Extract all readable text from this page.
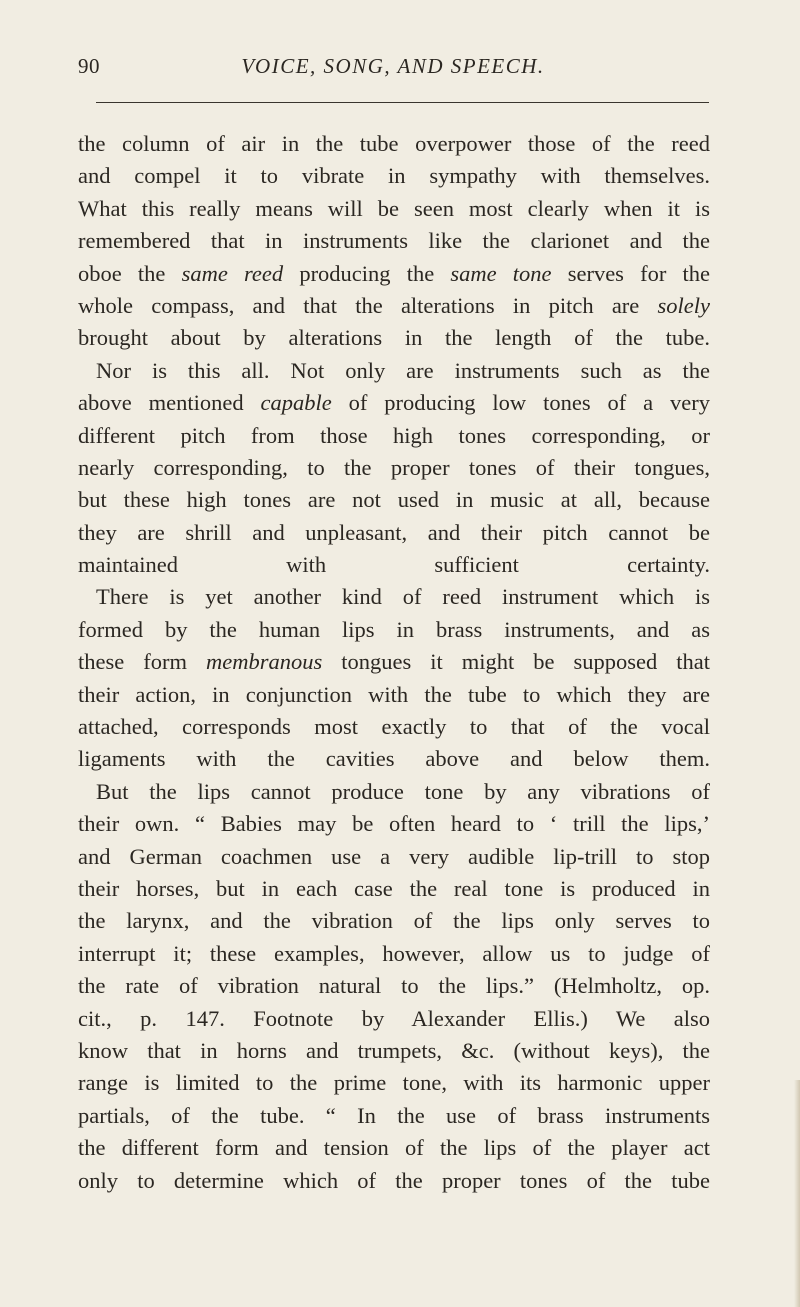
90	VOICE, SONG, AND SPEECH.
the column of air in the tube overpower those of the reed
and compel it to vibrate in sympathy with themselves.
What this really means will be seen most clearly when it is
remembered that in instruments like the clarionet and the
oboe the same reed producing the same tone serves for the
whole compass, and that the alterations in pitch are solely
brought about by alterations in the length of the tube.
Nor is this all. Not only are instruments such as the
above mentioned capable of producing low tones of a very
different pitch from those high tones corresponding, or
nearly corresponding, to the proper tones of their tongues,
but these high tones are not used in music at all, because
they are shrill and unpleasant, and their pitch cannot be
maintained with sufficient certainty.
There is yet another kind of reed instrument which is
formed by the human lips in brass instruments, and as
these form membranous tongues it might be supposed that
their action, in conjunction with the tube to which they are
attached, corresponds most exactly to that of the vocal
ligaments with the cavities above and below them.
But the lips cannot produce tone by any vibrations of
their own. “ Babies may be often heard to ‘ trill the lips,’
and German coachmen use a very audible lip-trill to stop
their horses, but in each case the real tone is produced in
the larynx, and the vibration of the lips only serves to
interrupt it; these examples, however, allow us to judge of
the rate of vibration natural to the lips.” (Helmholtz, op.
cit., p. 147. Footnote by Alexander Ellis.) We also
know that in horns and trumpets, &c. (without keys), the
range is limited to the prime tone, with its harmonic upper
partials, of the tube. “ In the use of brass instruments
the different form and tension of the lips of the player act
only to determine which of the proper tones of the tube
